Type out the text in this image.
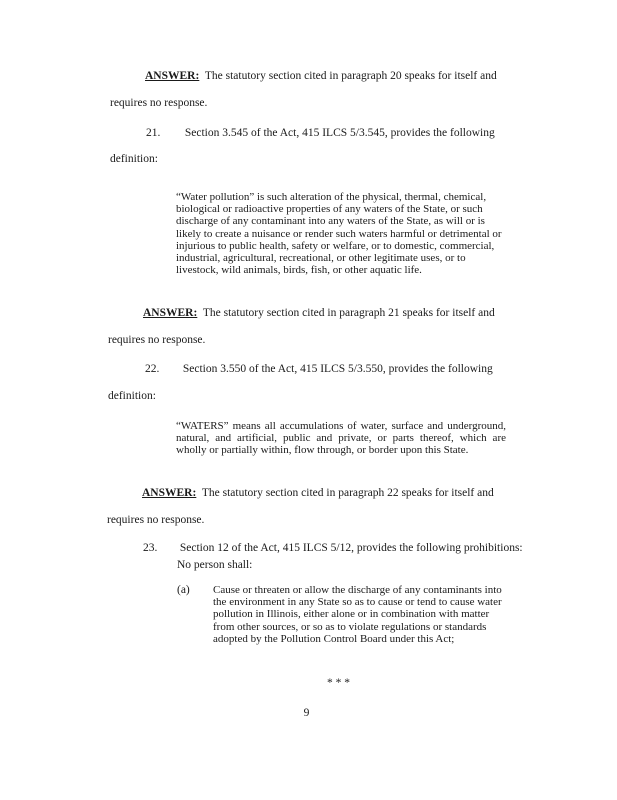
ANSWER: The statutory section cited in paragraph 20 speaks for itself and
requires no response.
21. Section 3.545 of the Act, 415 ILCS 5/3.545, provides the following
definition:
“Water pollution” is such alteration of the physical, thermal, chemical, biological or radioactive properties of any waters of the State, or such discharge of any contaminant into any waters of the State, as will or is likely to create a nuisance or render such waters harmful or detrimental or injurious to public health, safety or welfare, or to domestic, commercial, industrial, agricultural, recreational, or other legitimate uses, or to livestock, wild animals, birds, fish, or other aquatic life.
ANSWER: The statutory section cited in paragraph 21 speaks for itself and
requires no response.
22. Section 3.550 of the Act, 415 ILCS 5/3.550, provides the following
definition:
“WATERS” means all accumulations of water, surface and underground, natural, and artificial, public and private, or parts thereof, which are wholly or partially within, flow through, or border upon this State.
ANSWER: The statutory section cited in paragraph 22 speaks for itself and
requires no response.
23. Section 12 of the Act, 415 ILCS 5/12, provides the following prohibitions:
No person shall:
(a) Cause or threaten or allow the discharge of any contaminants into the environment in any State so as to cause or tend to cause water pollution in Illinois, either alone or in combination with matter from other sources, or so as to violate regulations or standards adopted by the Pollution Control Board under this Act;
* * *
9
